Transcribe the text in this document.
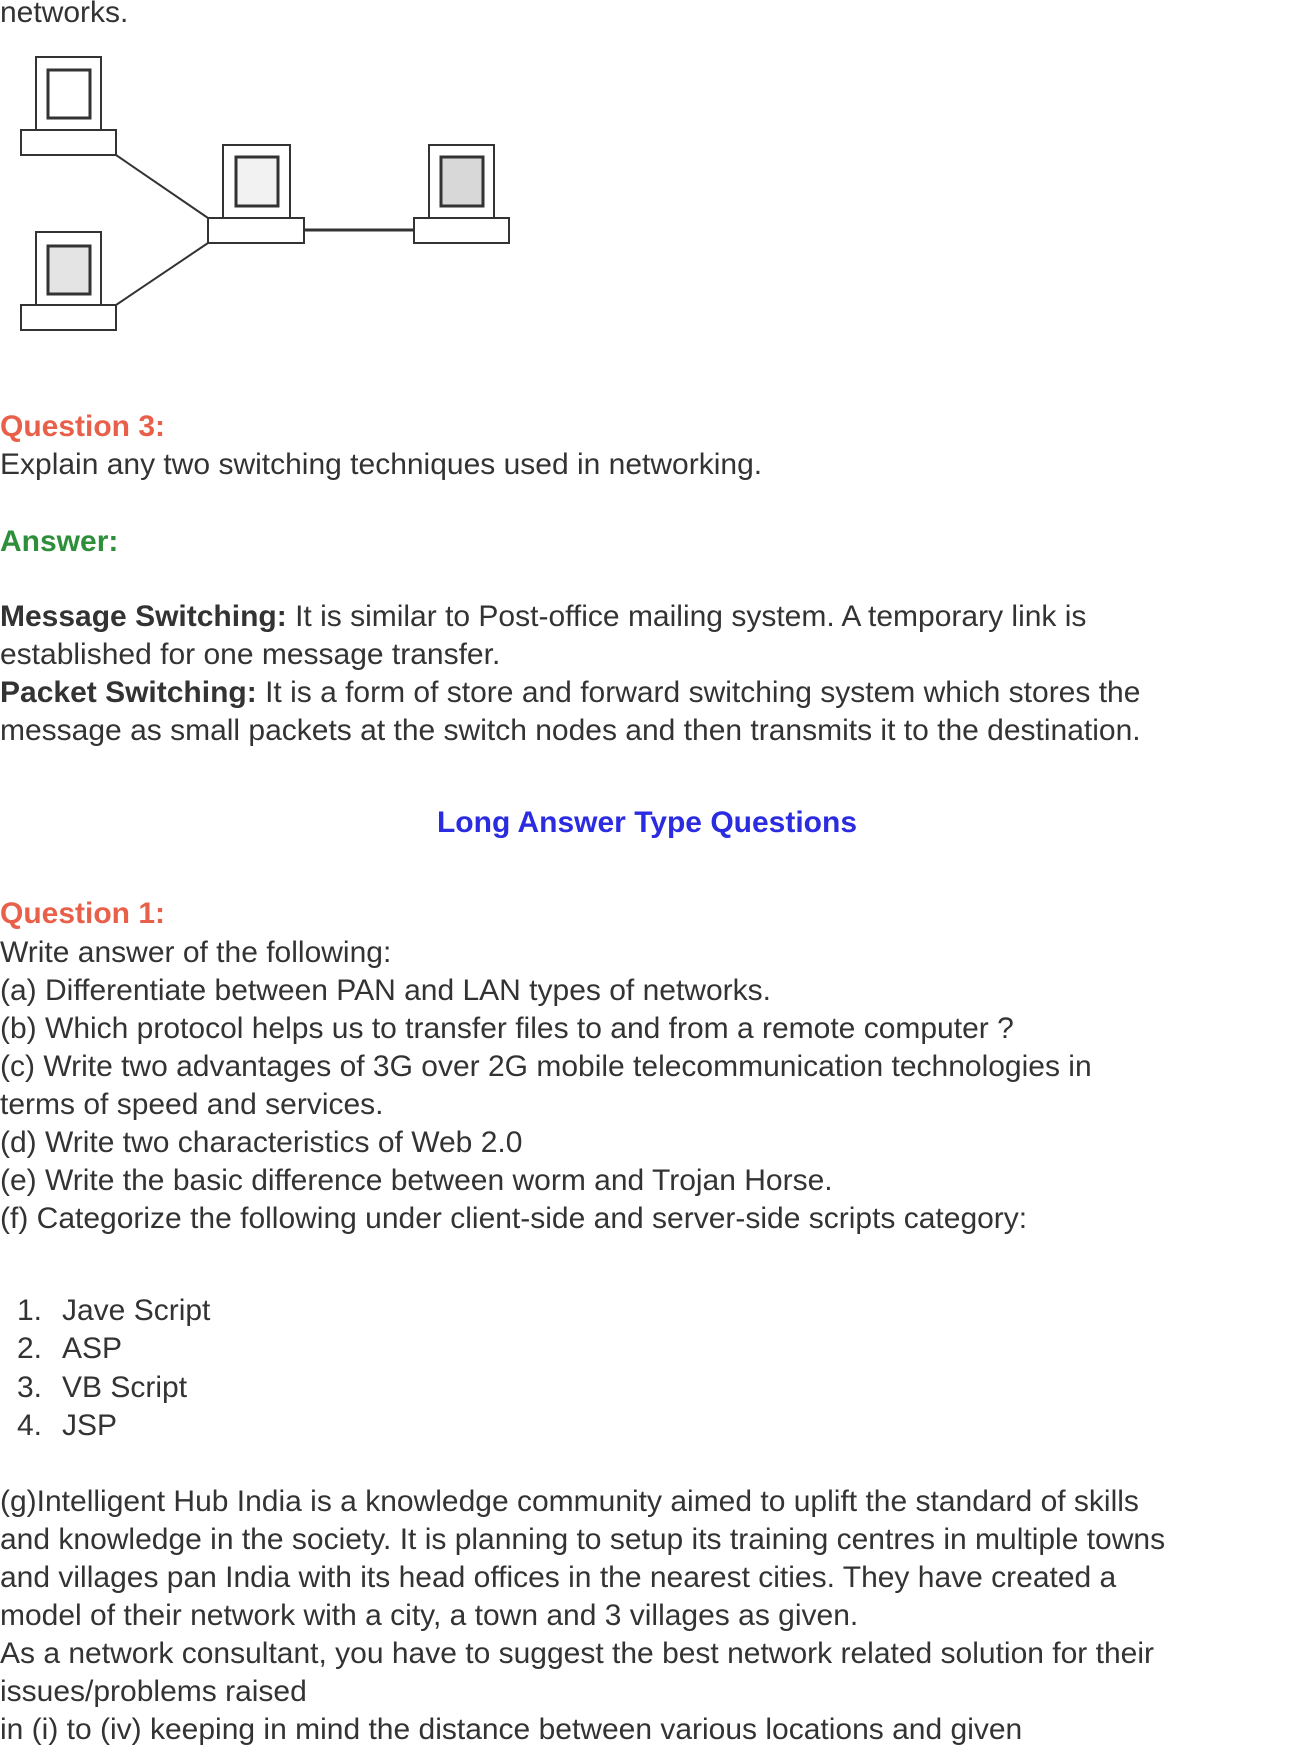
networks.
Question 3:
Explain any two switching techniques used in networking.
Answer:
Message Switching: It is similar to Post-office mailing system. A temporary link is
established for one message transfer.
Packet Switching: It is a form of store and forward switching system which stores the
message as small packets at the switch nodes and then transmits it to the destination.
Long Answer Type Questions
Question 1:
Write answer of the following:
(a) Differentiate between PAN and LAN types of networks.
(b) Which protocol helps us to transfer files to and from a remote computer ?
(c) Write two advantages of 3G over 2G mobile telecommunication technologies in
terms of speed and services.
(d) Write two characteristics of Web 2.0
(e) Write the basic difference between worm and Trojan Horse.
(f) Categorize the following under client-side and server-side scripts category:
1. Jave Script
2. ASP
3. VB Script
4. JSP
(g)Intelligent Hub India is a knowledge community aimed to uplift the standard of skills
and knowledge in the society. It is planning to setup its training centres in multiple towns
and villages pan India with its head offices in the nearest cities. They have created a
model of their network with a city, a town and 3 villages as given.
As a network consultant, you have to suggest the best network related solution for their
issues/problems raised
in (i) to (iv) keeping in mind the distance between various locations and given
